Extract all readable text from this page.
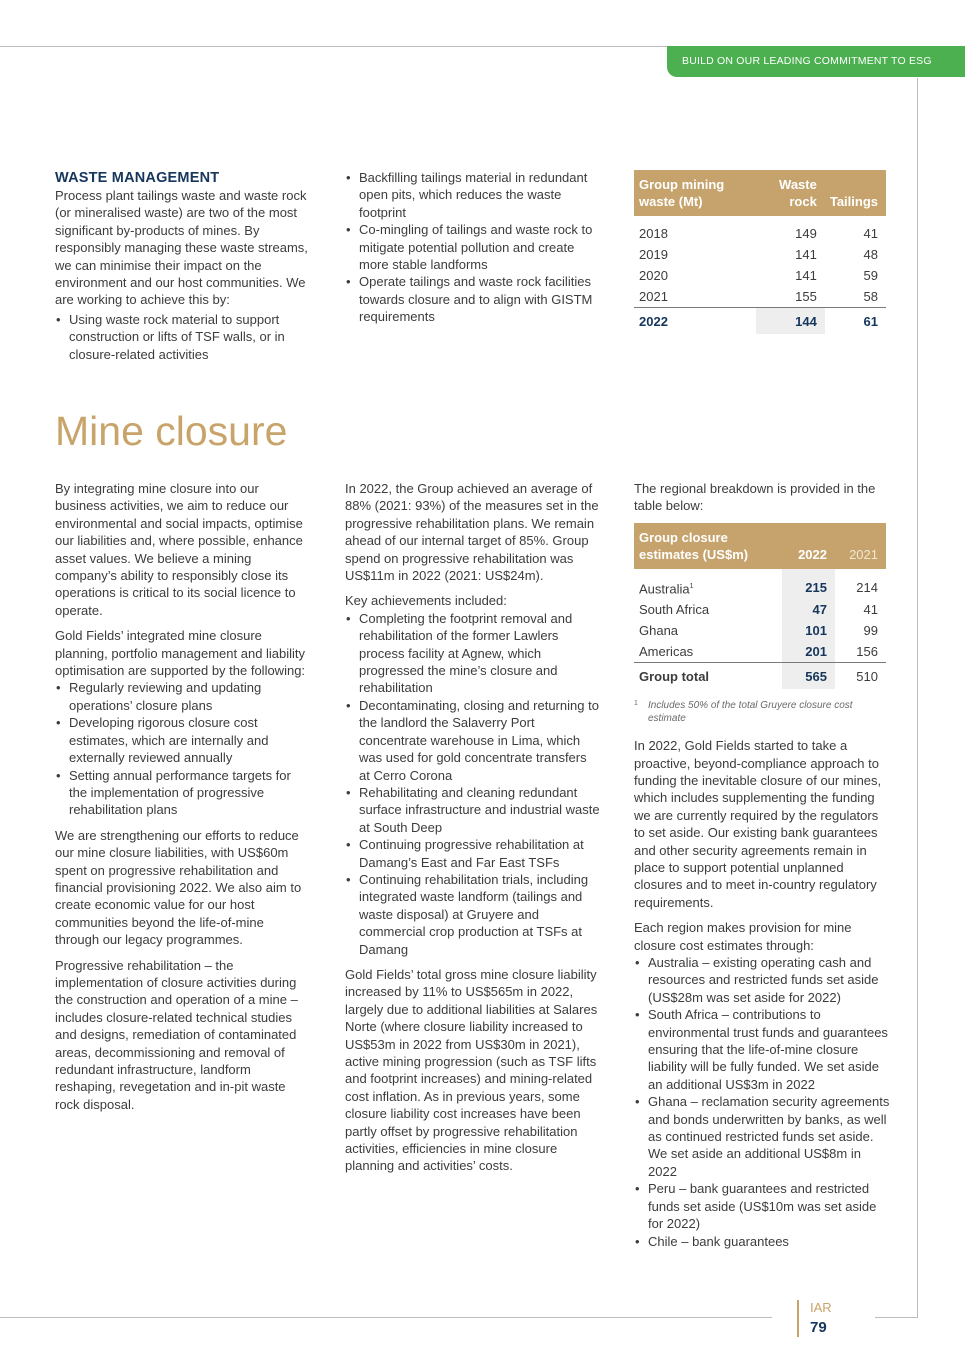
BUILD ON OUR LEADING COMMITMENT TO ESG
WASTE MANAGEMENT

Process plant tailings waste and waste rock (or mineralised waste) are two of the most significant by-products of mines. By responsibly managing these waste streams, we can minimise their impact on the environment and our host communities. We are working to achieve this by:

• Using waste rock material to support construction or lifts of TSF walls, or in closure-related activities
• Backfilling tailings material in redundant open pits, which reduces the waste footprint
• Co-mingling of tailings and waste rock to mitigate potential pollution and create more stable landforms
• Operate tailings and waste rock facilities towards closure and to align with GISTM requirements
Group mining waste (Mt)	Waste rock	Tailings
2018	149	41
2019	141	48
2020	141	59
2021	155	58
2022	144	61
Mine closure

By integrating mine closure into our business activities, we aim to reduce our environmental and social impacts, optimise our liabilities and, where possible, enhance asset values. We believe a mining company’s ability to responsibly close its operations is critical to its social licence to operate.

Gold Fields’ integrated mine closure planning, portfolio management and liability optimisation are supported by the following:

• Regularly reviewing and updating operations’ closure plans
• Developing rigorous closure cost estimates, which are internally and externally reviewed annually
• Setting annual performance targets for the implementation of progressive rehabilitation plans

We are strengthening our efforts to reduce our mine closure liabilities, with US$60m spent on progressive rehabilitation and financial provisioning 2022. We also aim to create economic value for our host communities beyond the life-of-mine through our legacy programmes.

Progressive rehabilitation – the implementation of closure activities during the construction and operation of a mine – includes closure-related technical studies and designs, remediation of contaminated areas, decommissioning and removal of redundant infrastructure, landform reshaping, revegetation and in-pit waste rock disposal.

In 2022, the Group achieved an average of 88% (2021: 93%) of the measures set in the progressive rehabilitation plans. We remain ahead of our internal target of 85%. Group spend on progressive rehabilitation was US$11m in 2022 (2021: US$24m).

Key achievements included:

• Completing the footprint removal and rehabilitation of the former Lawlers process facility at Agnew, which progressed the mine’s closure and rehabilitation
• Decontaminating, closing and returning to the landlord the Salaverry Port concentrate warehouse in Lima, which was used for gold concentrate transfers at Cerro Corona
• Rehabilitating and cleaning redundant surface infrastructure and industrial waste at South Deep
• Continuing progressive rehabilitation at Damang’s East and Far East TSFs
• Continuing rehabilitation trials, including integrated waste landform (tailings and waste disposal) at Gruyere and commercial crop production at TSFs at Damang

Gold Fields’ total gross mine closure liability increased by 11% to US$565m in 2022, largely due to additional liabilities at Salares Norte (where closure liability increased to US$53m in 2022 from US$30m in 2021), active mining progression (such as TSF lifts and footprint increases) and mining-related cost inflation. As in previous years, some closure liability cost increases have been partly offset by progressive rehabilitation activities, efficiencies in mine closure planning and activities’ costs.

The regional breakdown is provided in the table below:

Group closure estimates (US$m)	2022	2021
Australia$^1$	215	214
South Africa	47	41
Ghana	101	99
Americas	201	156
Group total	565	510
1 Includes 50% of the total Gruyere closure cost estimate

In 2022, Gold Fields started to take a proactive, beyond-compliance approach to funding the inevitable closure of our mines, which includes supplementing the funding we are currently required by the regulators to set aside. Our existing bank guarantees and other security agreements remain in place to support potential unplanned closures and to meet in-country regulatory requirements.

Each region makes provision for mine closure cost estimates through:

• Australia – existing operating cash and resources and restricted funds set aside (US$28m was set aside for 2022)
• South Africa – contributions to environmental trust funds and guarantees ensuring that the life-of-mine closure liability will be fully funded. We set aside an additional US$3m in 2022
• Ghana – reclamation security agreements and bonds underwritten by banks, as well as continued restricted funds set aside. We set aside an additional US$8m in 2022
• Peru – bank guarantees and restricted funds set aside (US$10m was set aside for 2022)
• Chile – bank guarantees
IAR
79
